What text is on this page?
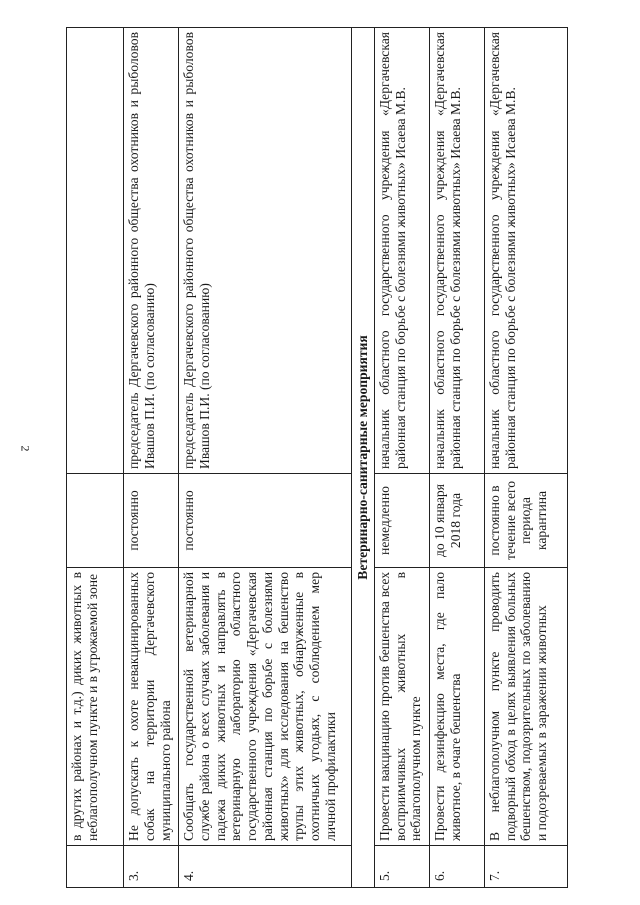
2
	в других районах и т.д.) диких животных в неблагополучном пункте и в угрожаемой зоне		
3.	Не допускать к охоте невакцинированных собак на территории Дергачевского муниципального района	постоянно	председатель Дергачевского районного общества охотников и рыболовов Ивашов П.И. (по согласованию)
4.	Сообщать государственной ветеринарной службе района о всех случаях заболевания и падежа диких животных и направлять в ветеринарную лабораторию областного государственного учреждения «Дергачевская районная станция по борьбе с болезнями животных» для исследования на бешенство трупы этих животных, обнаруженные в охотничьих угодьях, с соблюдением мер личной профилактики	постоянно	председатель Дергачевского районного общества охотников и рыболовов Ивашов П.И. (по согласованию)
Ветеринарно-санитарные мероприятия			
5.	Провести вакцинацию против бешенства всех восприимчивых животных в неблагополучном пункте	немедленно	начальник областного государственного учреждения «Дергачевская районная станция по борьбе с болезнями животных» Исаева М.В.
6.	Провести дезинфекцию места, где пало животное, в очаге бешенства	до 10 января 2018 года	начальник областного государственного учреждения «Дергачевская районная станция по борьбе с болезнями животных» Исаева М.В.
7.	В неблагополучном пункте проводить подворный обход в целях выявления больных бешенством, подозрительных по заболеванию и подозреваемых в заражении животных	постоянно в течение всего периода карантина	начальник областного государственного учреждения «Дергачевская районная станция по борьбе с болезнями животных» Исаева М.В.
